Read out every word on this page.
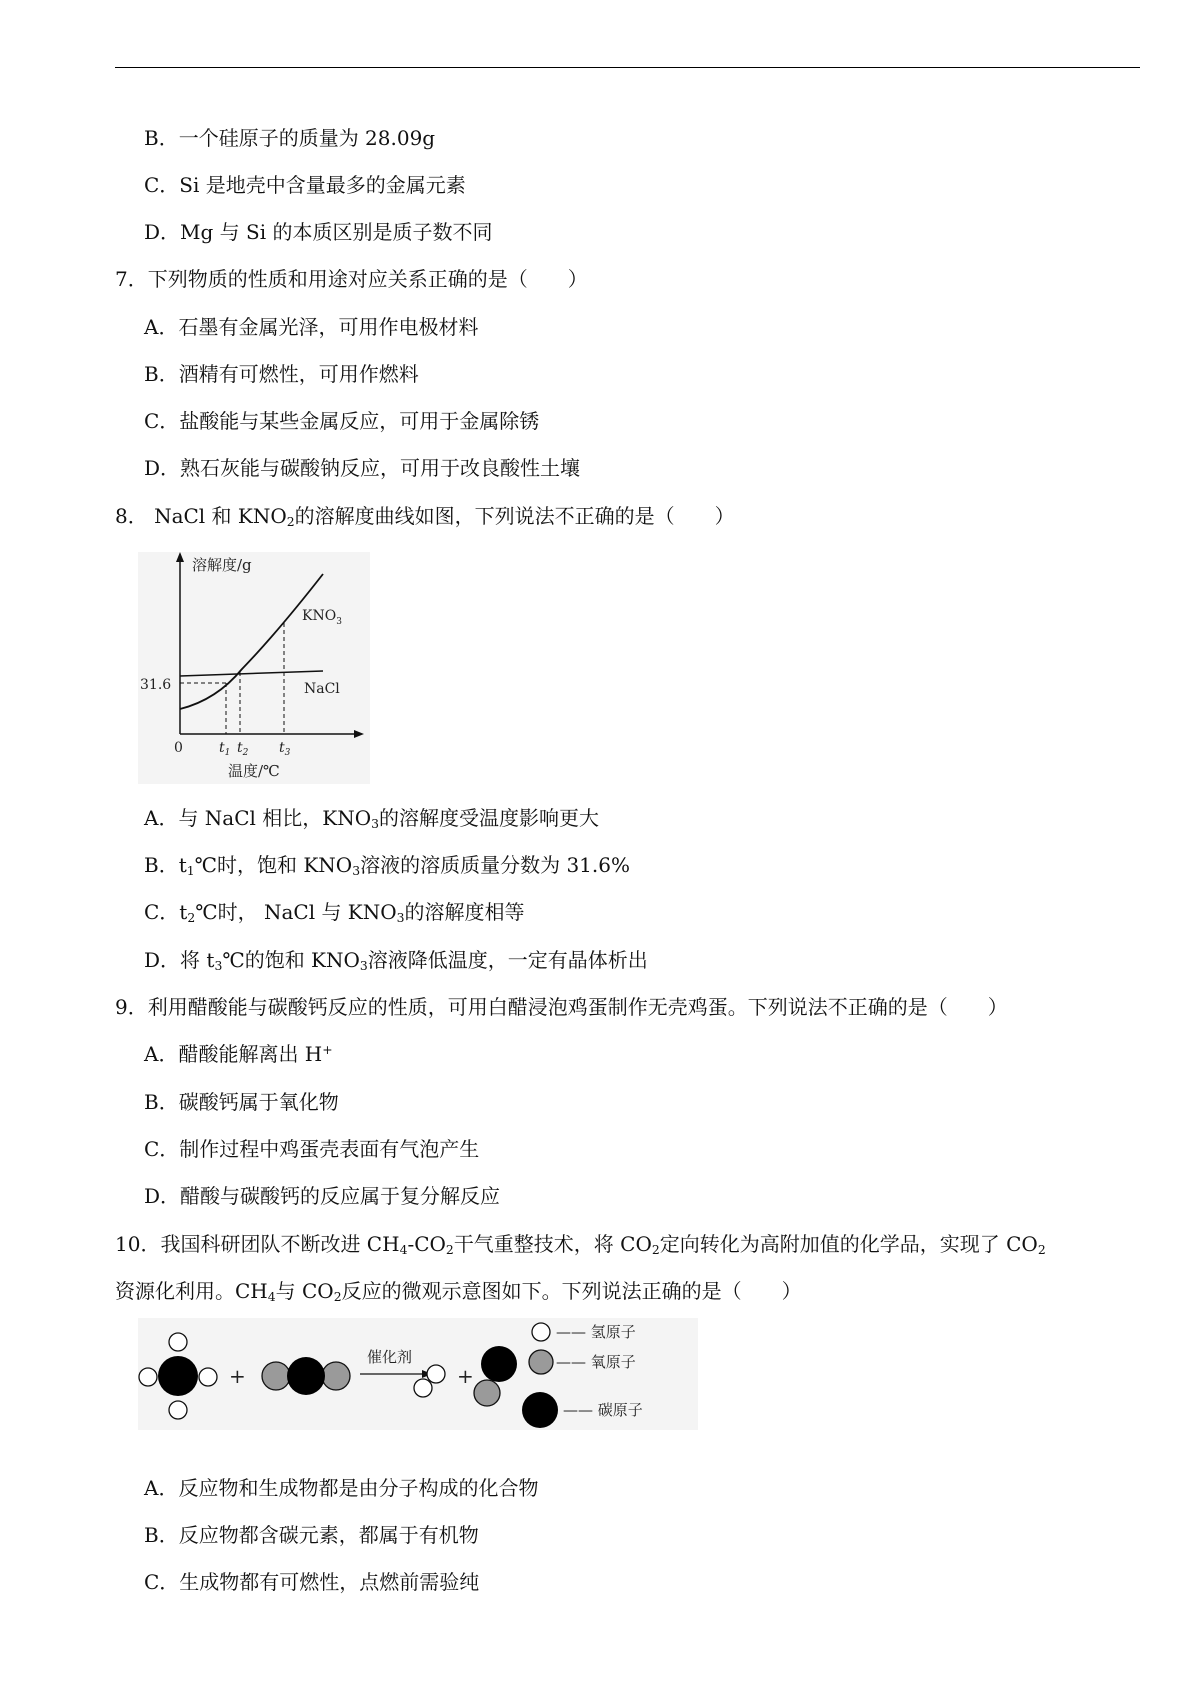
B．一个硅原子的质量为 28.09g
C．Si 是地壳中含量最多的金属元素
D．Mg 与 Si 的本质区别是质子数不同
7．下列物质的性质和用途对应关系正确的是（　　）
A．石墨有金属光泽，可用作电极材料
B．酒精有可燃性，可用作燃料
C．盐酸能与某些金属反应，可用于金属除锈
D．熟石灰能与碳酸钠反应，可用于改良酸性土壤
8． NaCl 和 $KNO_2$的溶解度曲线如图，下列说法不正确的是（　　）
溶解度/g
$KNO_3$
NaCl
31.6
0	$t_1$ $t_2$ $t_3$
温度/℃
A．与 NaCl 相比，$KNO_3$的溶解度受温度影响更大
B．$t_1℃$时，饱和 $KNO_3$溶液的溶质质量分数为 31.6%
C．$t_2℃$时， NaCl 与 $KNO_3$的溶解度相等
D．将 $t_3℃$的饱和 $KNO_3$溶液降低温度，一定有晶体析出
9．利用醋酸能与碳酸钙反应的性质，可用白醋浸泡鸡蛋制作无壳鸡蛋。下列说法不正确的是（　　）
A．醋酸能解离出 H+
B．碳酸钙属于氧化物
C．制作过程中鸡蛋壳表面有气泡产生
D．醋酸与碳酸钙的反应属于复分解反应
10．我国科研团队不断改进 $CH_4-CO_2$干气重整技术，将 $CO_2$定向转化为高附加值的化学品，实现了 $CO_2$
资源化利用。$CH_4$与 $CO_2$反应的微观示意图如下。下列说法正确的是（　　）
+
催化剂
+
—— 氢原子
—— 氧原子
—— 碳原子
A．反应物和生成物都是由分子构成的化合物
B．反应物都含碳元素，都属于有机物
C．生成物都有可燃性，点燃前需验纯
